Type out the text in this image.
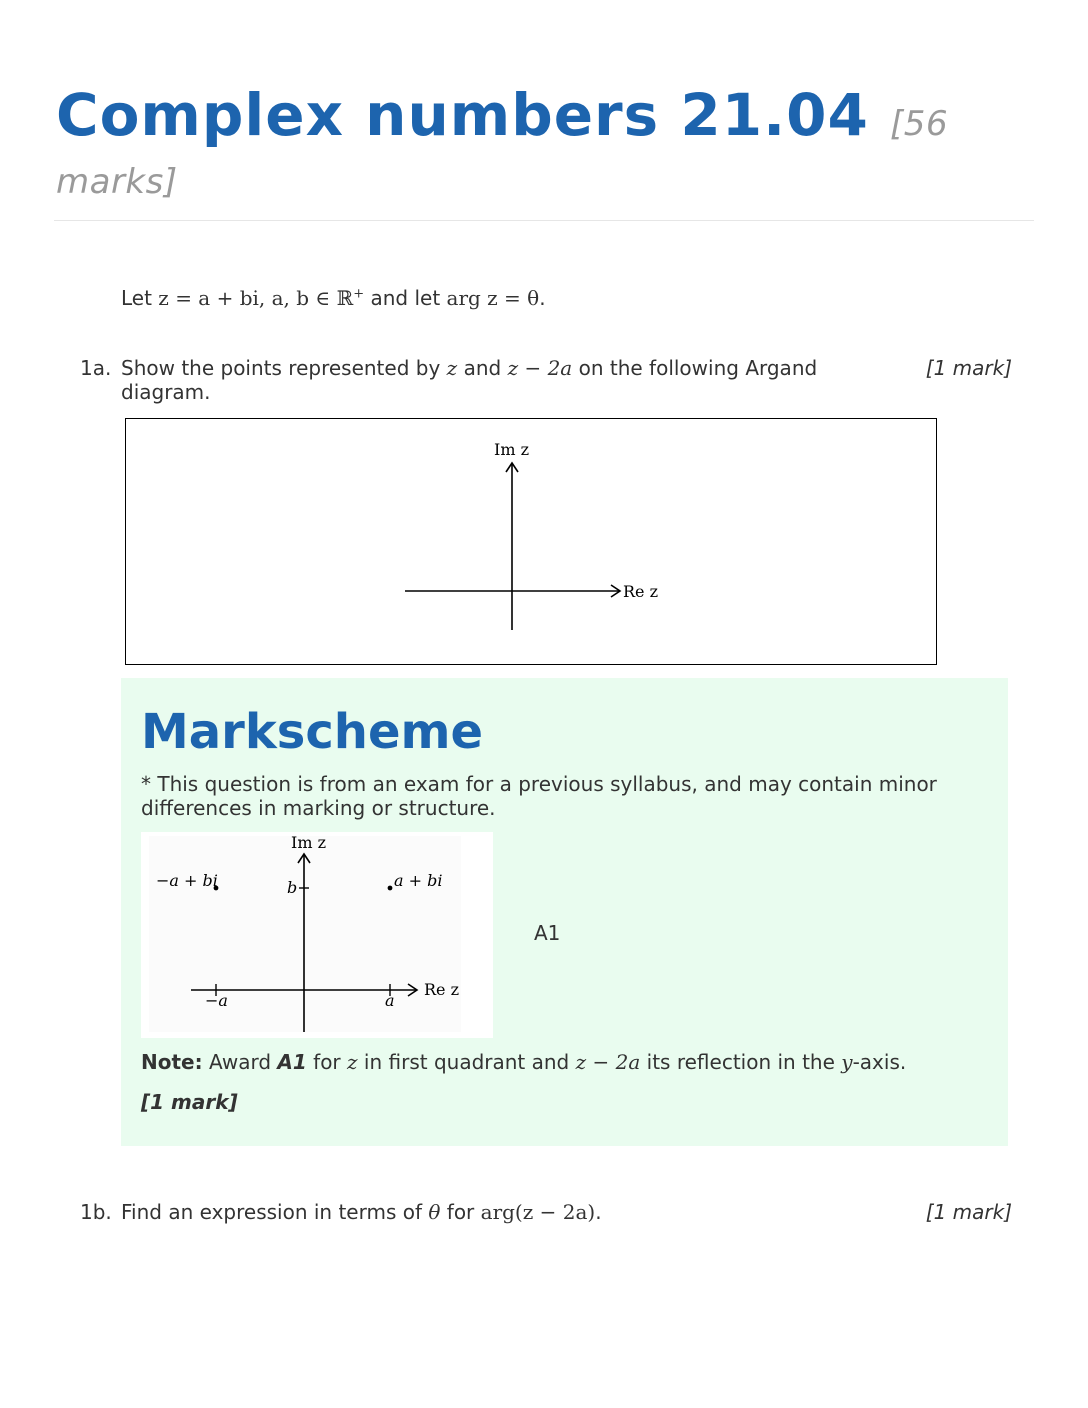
Complex numbers 21.04 [56 marks]
Let z = a + bi, a, b ∈ ℝ+ and let arg z = θ.
1a. Show the points represented by z and z − 2a on the following Argand diagram.
[1 mark]
Im z
Re z
Markscheme
* This question is from an exam for a previous syllabus, and may contain minor differences in marking or structure.
Im z
Re z
−a + bi	a + bi
b
−a	a
A1
Note: Award A1 for z in first quadrant and z − 2a its reflection in the y-axis.
[1 mark]
1b. Find an expression in terms of θ for arg(z − 2a).	[1 mark]
